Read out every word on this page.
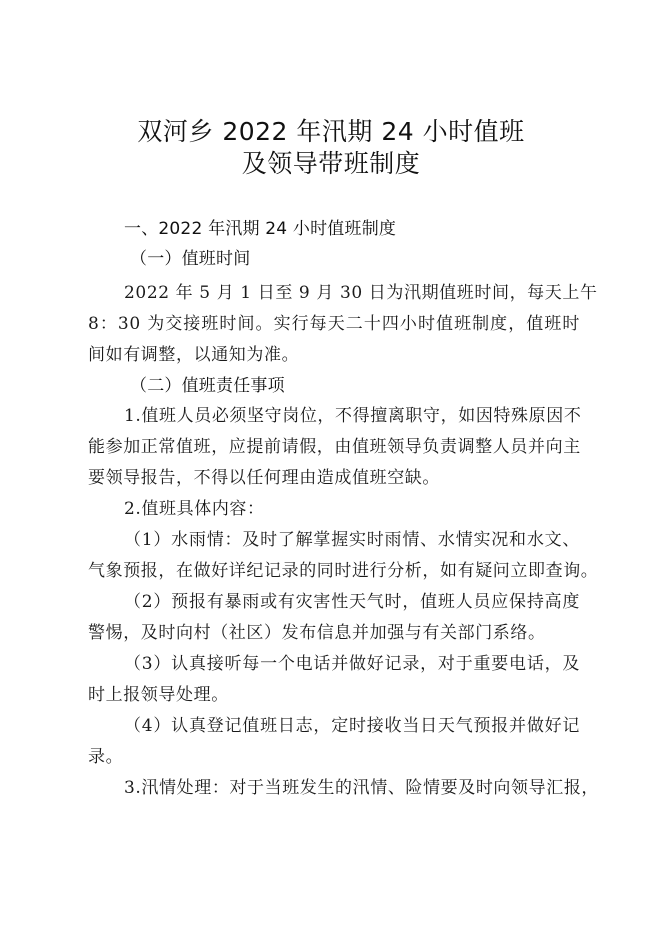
双河乡 2022 年汛期 24 小时值班
及领导带班制度
一、2022 年汛期 24 小时值班制度
（一）值班时间
2022 年 5 月 1 日至 9 月 30 日为汛期值班时间，每天上午
8：30 为交接班时间。实行每天二十四小时值班制度，值班时
间如有调整，以通知为准。
（二）值班责任事项
1.值班人员必须坚守岗位，不得擅离职守，如因特殊原因不
能参加正常值班，应提前请假，由值班领导负责调整人员并向主
要领导报告，不得以任何理由造成值班空缺。
2.值班具体内容：
（1）水雨情：及时了解掌握实时雨情、水情实况和水文、
气象预报，在做好详纪记录的同时进行分析，如有疑问立即查询。
（2）预报有暴雨或有灾害性天气时，值班人员应保持高度
警惕，及时向村（社区）发布信息并加强与有关部门系络。
（3）认真接听每一个电话并做好记录，对于重要电话，及
时上报领导处理。
（4）认真登记值班日志，定时接收当日天气预报并做好记
录。
3.汛情处理：对于当班发生的汛情、险情要及时向领导汇报，
